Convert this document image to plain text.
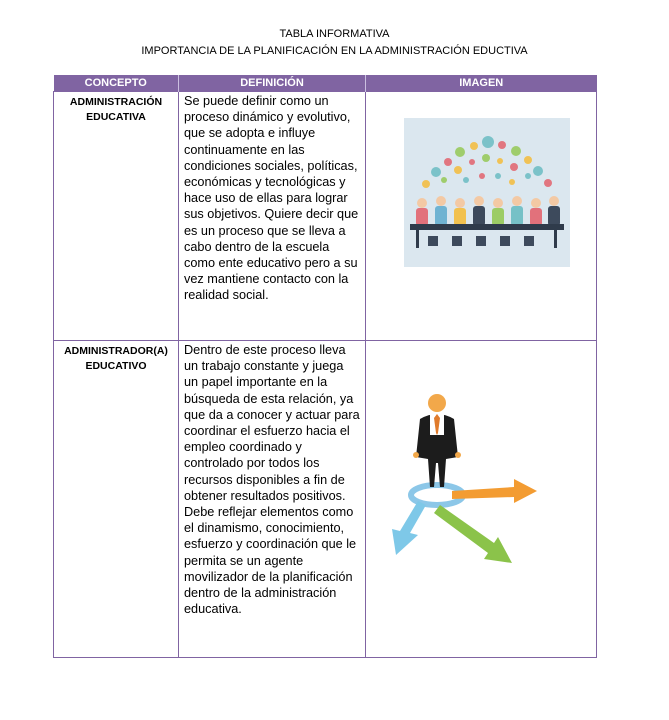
TABLA INFORMATIVA
IMPORTANCIA DE LA PLANIFICACIÓN EN LA ADMINISTRACIÓN EDUCTIVA
CONCEPTO	DEFINICIÓN	IMAGEN

ADMINISTRACIÓN EDUCATIVA	Se puede definir como un proceso dinámico y evolutivo, que se adopta e influye continuamente en las condiciones sociales, políticas, económicas y tecnológicas y hace uso de ellas para lograr sus objetivos. Quiere decir que es un proceso que se lleva a cabo dentro de la escuela como ente educativo pero a su vez mantiene contacto con la realidad social.

ADMINISTRADOR(A) EDUCATIVO	Dentro de este proceso lleva un trabajo constante y juega un papel importante en la búsqueda de esta relación, ya que da a conocer y actuar para coordinar el esfuerzo hacia el empleo coordinado y controlado por todos los recursos disponibles a fin de obtener resultados positivos. Debe reflejar elementos como el dinamismo, conocimiento, esfuerzo y coordinación que le permita se un agente movilizador de la planificación dentro de la administración educativa.
